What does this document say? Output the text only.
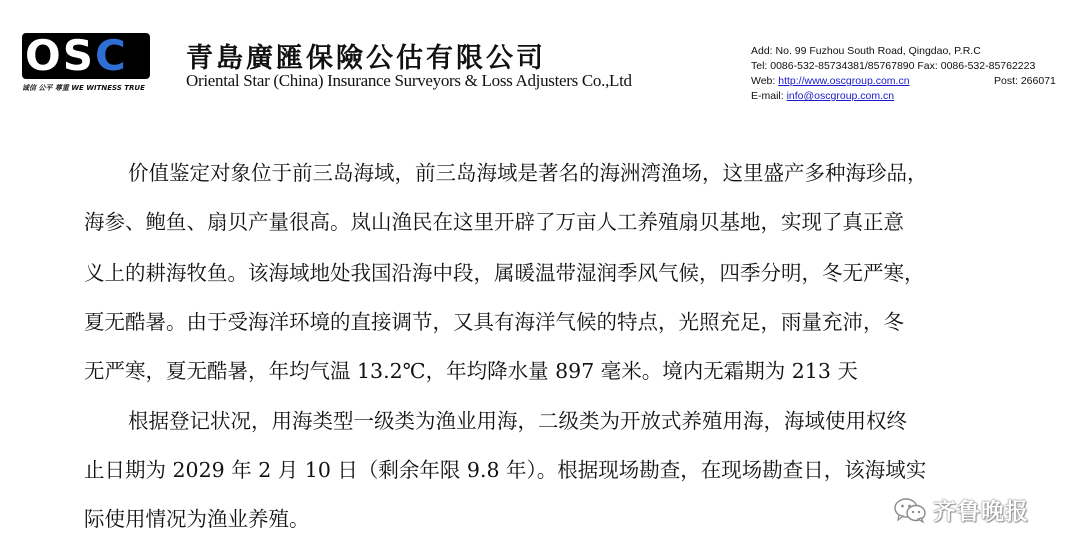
OSC
诚信 公平 尊重 WE WITNESS TRUE
青島廣匯保險公估有限公司
Oriental Star (China) Insurance Surveyors & Loss Adjusters Co.,Ltd
Add: No. 99 Fuzhou South Road, Qingdao, P.R.C
Tel: 0086-532-85734381/85767890 Fax: 0086-532-85762223
Web: http://www.oscgroup.com.cn	Post: 266071
E-mail: info@oscgroup.com.cn
价值鉴定对象位于前三岛海域，前三岛海域是著名的海洲湾渔场，这里盛产多种海珍品，
海参、鲍鱼、扇贝产量很高。岚山渔民在这里开辟了万亩人工养殖扇贝基地，实现了真正意
义上的耕海牧鱼。该海域地处我国沿海中段，属暖温带湿润季风气候，四季分明，冬无严寒，
夏无酷暑。由于受海洋环境的直接调节，又具有海洋气候的特点，光照充足，雨量充沛，冬
无严寒，夏无酷暑，年均气温 13.2℃，年均降水量 897 毫米。境内无霜期为 213 天
根据登记状况，用海类型一级类为渔业用海，二级类为开放式养殖用海，海域使用权终
止日期为 2029 年 2 月 10 日（剩余年限 9.8 年）。根据现场勘查，在现场勘查日，该海域实
际使用情况为渔业养殖。	齐鲁晚报
